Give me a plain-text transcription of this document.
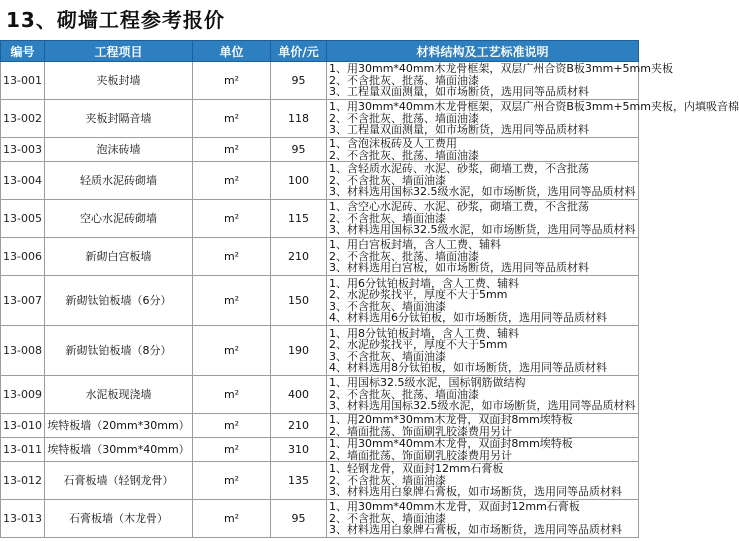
13、砌墙工程参考报价
编号	工程项目	单位	单价/元	材料结构及工艺标准说明
13-001	夹板封墙	m²	95	1、用30mm*40mm木龙骨框架，双层广州合资B板3mm+5mm夹板
2、不含批灰、批荡、墙面油漆
3、工程量双面测量，如市场断货，选用同等品质材料

13-002	夹板封隔音墙	m²	118	1、用30mm*40mm木龙骨框架，双层广州合资B板3mm+5mm夹板，内填吸音棉
2、不含批灰、批荡、墙面油漆
3、工程量双面测量，如市场断货，选用同等品质材料

13-003	泡沫砖墙	m²	95	1、含泡沫板砖及人工费用
2、不含批灰、批荡、墙面油漆

13-004	轻质水泥砖砌墙	m²	100	1、含轻质水泥砖、水泥、砂浆，砌墙工费，不含批荡
2、不含批灰、墙面油漆
3、材料选用国标32.5级水泥，如市场断货，选用同等品质材料

13-005	空心水泥砖砌墙	m²	115	1、含空心水泥砖、水泥、砂浆，砌墙工费，不含批荡
2、不含批灰、墙面油漆
3、材料选用国标32.5级水泥，如市场断货，选用同等品质材料

13-006	新砌白宫板墙	m²	210	1、用白宫板封墙，含人工费、辅料
2、不含批灰、批荡、墙面油漆
3、材料选用白宫板，如市场断货，选用同等品质材料

13-007	新砌钛铂板墙（6分）	m²	150	1、用6分钛铂板封墙，含人工费、辅料
2、水泥砂浆找平，厚度不大于5mm
3、不含批灰、墙面油漆
4、材料选用6分钛铂板，如市场断货，选用同等品质材料

13-008	新砌钛铂板墙（8分）	m²	190	1、用8分钛铂板封墙，含人工费、辅料
2、水泥砂浆找平，厚度不大于5mm
3、不含批灰、墙面油漆
4、材料选用8分钛铂板，如市场断货，选用同等品质材料

13-009	水泥板现浇墙	m²	400	1、用国标32.5级水泥，国标钢筋做结构
2、不含批灰、批荡、墙面油漆
3、材料选用国标32.5级水泥，如市场断货，选用同等品质材料

13-010	埃特板墙（20mm*30mm）	m²	210	1、用20mm*30mm木龙骨，双面封8mm埃特板
2、墙面批荡、饰面刷乳胶漆费用另计

13-011	埃特板墙（30mm*40mm）	m²	310	1、用30mm*40mm木龙骨，双面封8mm埃特板
2、墙面批荡、饰面刷乳胶漆费用另计

13-012	石膏板墙（轻钢龙骨）	m²	135	1、轻钢龙骨，双面封12mm石膏板
2、不含批灰、墙面油漆
3、材料选用白象牌石膏板，如市场断货，选用同等品质材料

13-013	石膏板墙（木龙骨）	m²	95	1、用30mm*40mm木龙骨，双面封12mm石膏板
2、不含批灰、墙面油漆
3、材料选用白象牌石膏板，如市场断货，选用同等品质材料
